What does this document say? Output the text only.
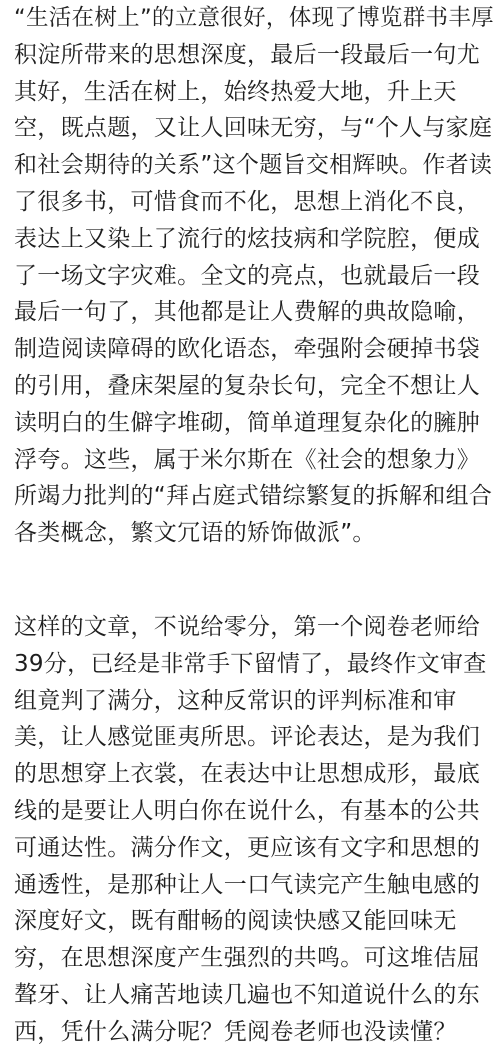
“生活在树上”的立意很好，体现了博览群书丰厚
积淀所带来的思想深度，最后一段最后一句尤
其好，生活在树上，始终热爱大地，升上天
空，既点题，又让人回味无穷，与“个人与家庭
和社会期待的关系”这个题旨交相辉映。作者读
了很多书，可惜食而不化，思想上消化不良，
表达上又染上了流行的炫技病和学院腔，便成
了一场文字灾难。全文的亮点，也就最后一段
最后一句了，其他都是让人费解的典故隐喻，
制造阅读障碍的欧化语态，牵强附会硬掉书袋
的引用，叠床架屋的复杂长句，完全不想让人
读明白的生僻字堆砌，简单道理复杂化的臃肿
浮夸。这些，属于米尔斯在《社会的想象力》
所竭力批判的“拜占庭式错综繁复的拆解和组合
各类概念，繁文冗语的矫饰做派”。
这样的文章，不说给零分，第一个阅卷老师给
39分，已经是非常手下留情了，最终作文审查
组竟判了满分，这种反常识的评判标准和审
美，让人感觉匪夷所思。评论表达，是为我们
的思想穿上衣裳，在表达中让思想成形，最底
线的是要让人明白你在说什么，有基本的公共
可通达性。满分作文，更应该有文字和思想的
通透性，是那种让人一口气读完产生触电感的
深度好文，既有酣畅的阅读快感又能回味无
穷，在思想深度产生强烈的共鸣。可这堆佶屈
聱牙、让人痛苦地读几遍也不知道说什么的东
西，凭什么满分呢？凭阅卷老师也没读懂？
